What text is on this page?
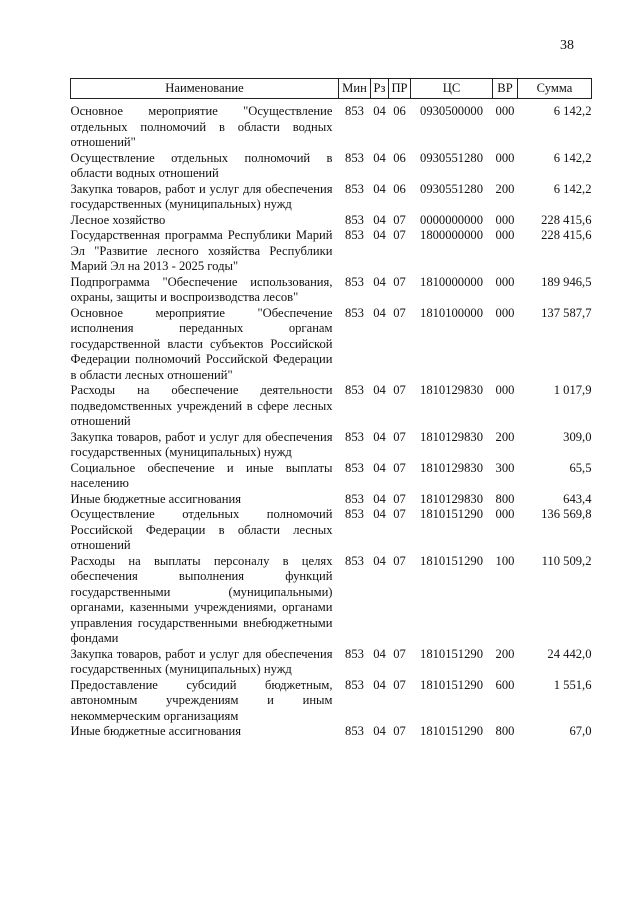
38
Наименование	Мин	Рз	ПР	ЦС	ВР	Сумма
Основное мероприятие "Осуществление отдельных полномочий в области водных отношений"	853	04	06	0930500000	000	6 142,2
Осуществление отдельных полномочий в области водных отношений	853	04	06	0930551280	000	6 142,2
Закупка товаров, работ и услуг для обеспечения государственных (муниципальных) нужд	853	04	06	0930551280	200	6 142,2
Лесное хозяйство	853	04	07	0000000000	000	228 415,6
Государственная программа Республики Марий Эл "Развитие лесного хозяйства Республики Марий Эл на 2013 - 2025 годы"	853	04	07	1800000000	000	228 415,6
Подпрограмма "Обеспечение использования, охраны, защиты и воспроизводства лесов"	853	04	07	1810000000	000	189 946,5
Основное мероприятие "Обеспечение исполнения переданных органам государственной власти субъектов Российской Федерации полномочий Российской Федерации в области лесных отношений"	853	04	07	1810100000	000	137 587,7
Расходы на обеспечение деятельности подведомственных учреждений в сфере лесных отношений	853	04	07	1810129830	000	1 017,9
Закупка товаров, работ и услуг для обеспечения государственных (муниципальных) нужд	853	04	07	1810129830	200	309,0
Социальное обеспечение и иные выплаты населению	853	04	07	1810129830	300	65,5
Иные бюджетные ассигнования	853	04	07	1810129830	800	643,4
Осуществление отдельных полномочий Российской Федерации в области лесных отношений	853	04	07	1810151290	000	136 569,8
Расходы на выплаты персоналу в целях обеспечения выполнения функций государственными (муниципальными) органами, казенными учреждениями, органами управления государственными внебюджетными фондами	853	04	07	1810151290	100	110 509,2
Закупка товаров, работ и услуг для обеспечения государственных (муниципальных) нужд	853	04	07	1810151290	200	24 442,0
Предоставление субсидий бюджетным, автономным учреждениям и иным некоммерческим организациям	853	04	07	1810151290	600	1 551,6
Иные бюджетные ассигнования	853	04	07	1810151290	800	67,0
